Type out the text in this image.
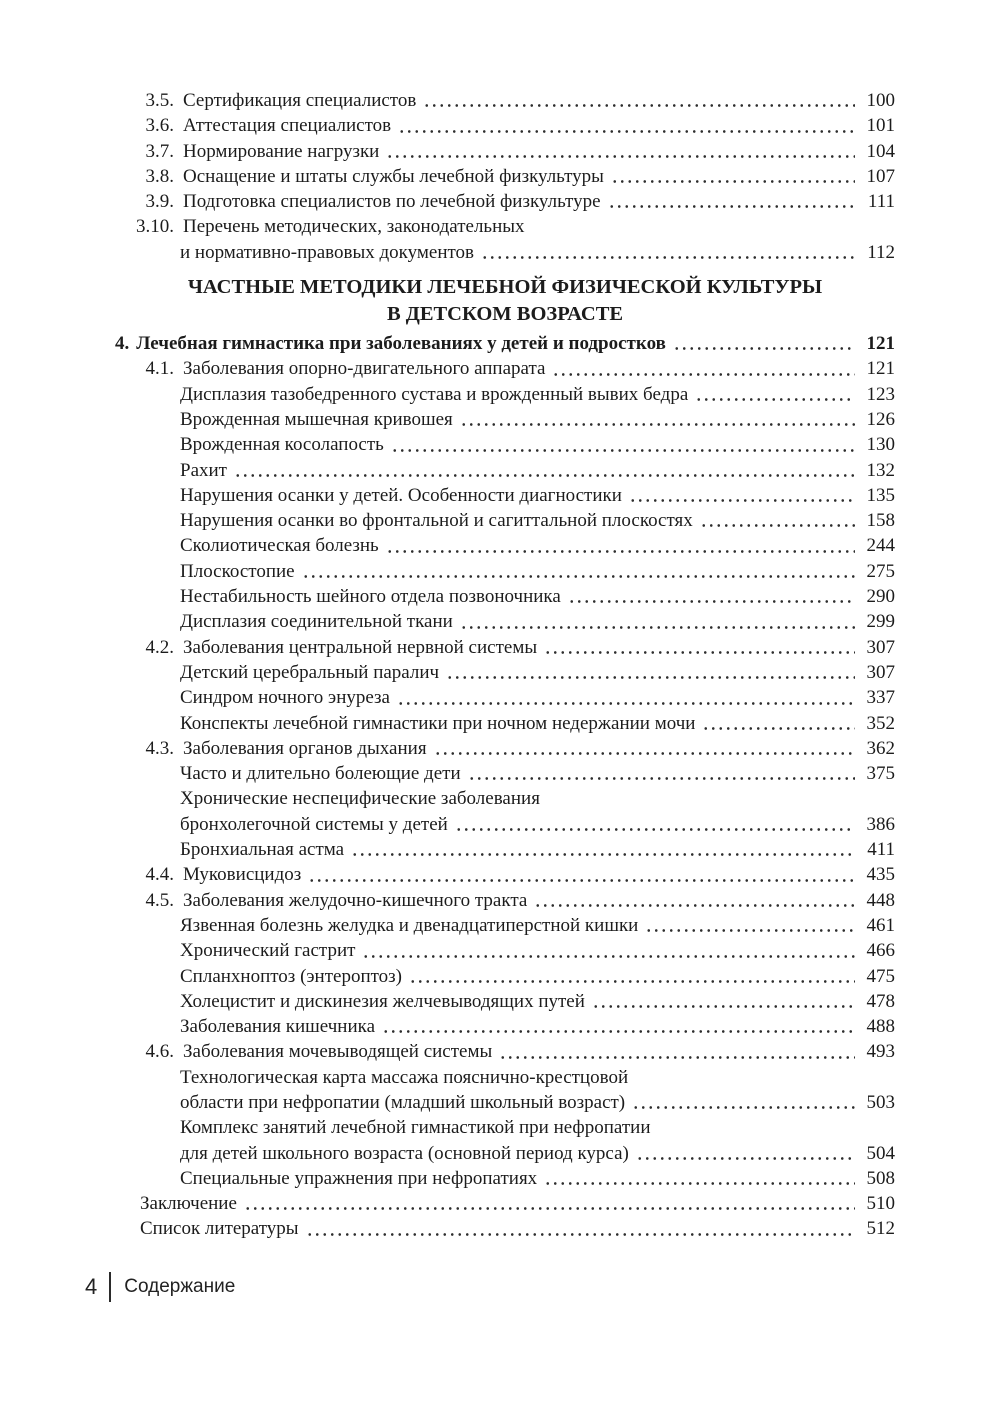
3.5. Сертификация специалистов	100
3.6. Аттестация специалистов	101
3.7. Нормирование нагрузки	104
3.8. Оснащение и штаты службы лечебной физкультуры	107
3.9. Подготовка специалистов по лечебной физкультуре	111
3.10. Перечень методических, законодательных
и нормативно-правовых документов	112
ЧАСТНЫЕ МЕТОДИКИ ЛЕЧЕБНОЙ ФИЗИЧЕСКОЙ КУЛЬТУРЫ
В ДЕТСКОМ ВОЗРАСТЕ
4. Лечебная гимнастика при заболеваниях у детей и подростков	121
4.1. Заболевания опорно-двигательного аппарата	121
Дисплазия тазобедренного сустава и врожденный вывих бедра	123
Врожденная мышечная кривошея	126
Врожденная косолапость	130
Рахит	132
Нарушения осанки у детей. Особенности диагностики	135
Нарушения осанки во фронтальной и сагиттальной плоскостях	158
Сколиотическая болезнь	244
Плоскостопие	275
Нестабильность шейного отдела позвоночника	290
Дисплазия соединительной ткани	299
4.2. Заболевания центральной нервной системы	307
Детский церебральный паралич	307
Синдром ночного энуреза	337
Конспекты лечебной гимнастики при ночном недержании мочи	352
4.3. Заболевания органов дыхания	362
Часто и длительно болеющие дети	375
Хронические неспецифические заболевания
бронхолегочной системы у детей	386
Бронхиальная астма	411
4.4. Муковисцидоз	435
4.5. Заболевания желудочно-кишечного тракта	448
Язвенная болезнь желудка и двенадцатиперстной кишки	461
Хронический гастрит	466
Спланхноптоз (энтероптоз)	475
Холецистит и дискинезия желчевыводящих путей	478
Заболевания кишечника	488
4.6. Заболевания мочевыводящей системы	493
Технологическая карта массажа пояснично-крестцовой
области при нефропатии (младший школьный возраст)	503
Комплекс занятий лечебной гимнастикой при нефропатии
для детей школьного возраста (основной период курса)	504
Специальные упражнения при нефропатиях	508
Заключение	510
Список литературы	512
4 Содержание
